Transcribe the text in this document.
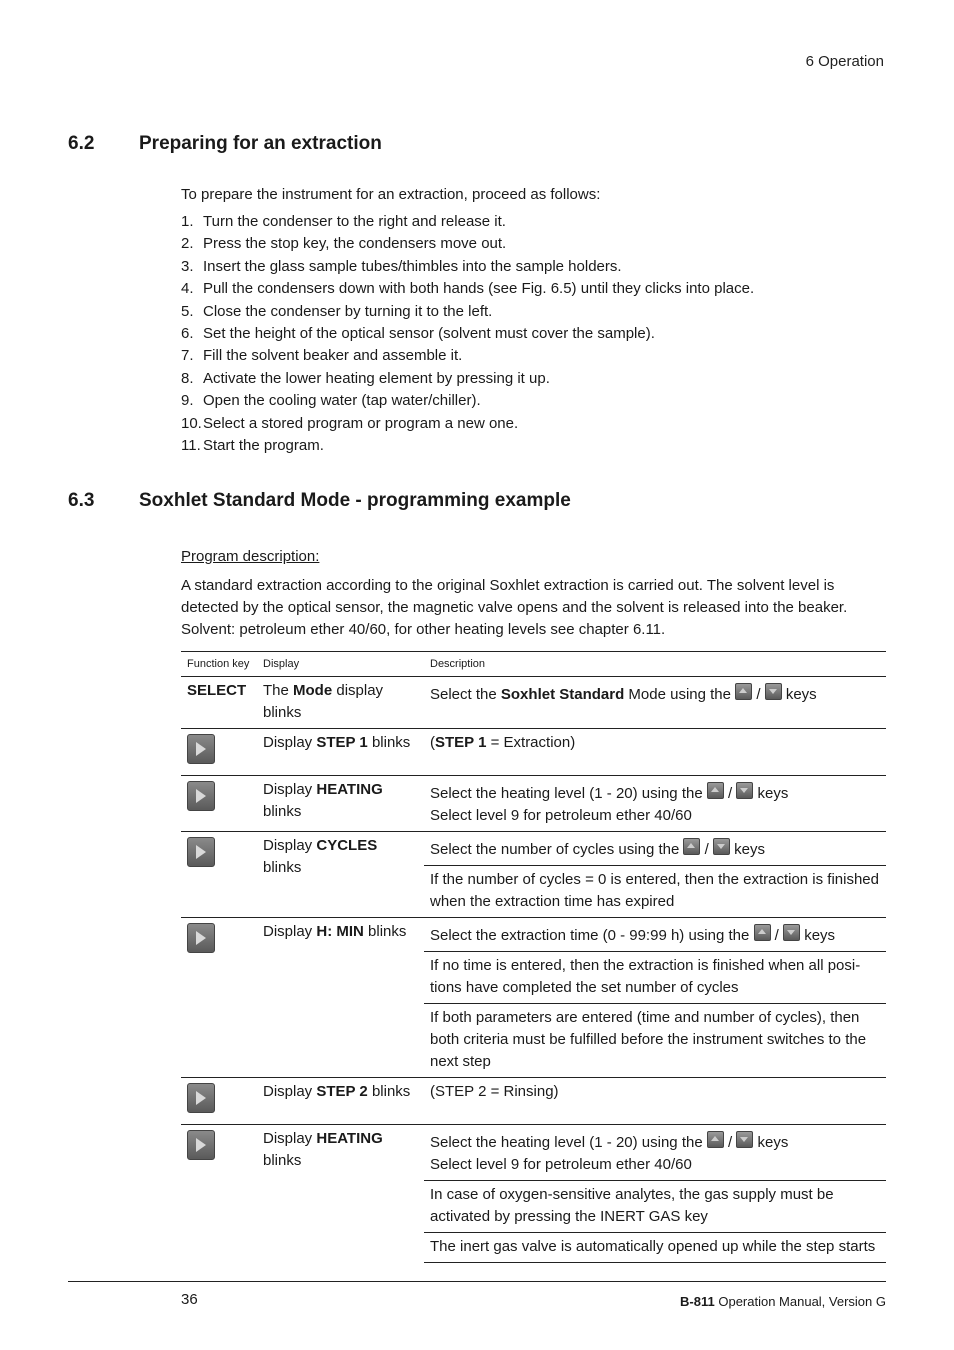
6 Operation
6.2 Preparing for an extraction
To prepare the instrument for an extraction, proceed as follows:
1. Turn the condenser to the right and release it.
2. Press the stop key, the condensers move out.
3. Insert the glass sample tubes/thimbles into the sample holders.
4. Pull the condensers down with both hands (see Fig. 6.5) until they clicks into place.
5. Close the condenser by turning it to the left.
6. Set the height of the optical sensor (solvent must cover the sample).
7. Fill the solvent beaker and assemble it.
8. Activate the lower heating element by pressing it up.
9. Open the cooling water (tap water/chiller).
10. Select a stored program or program a new one.
11. Start the program.
6.3 Soxhlet Standard Mode - programming example
Program description:
A standard extraction according to the original Soxhlet extraction is carried out. The solvent level is detected by the optical sensor, the magnetic valve opens and the solvent is released into the beaker. Solvent: petroleum ether 40/60, for other heating levels see chapter 6.11.
Function key	Display	Description
SELECT	The Mode display blinks	Select the Soxhlet Standard Mode using the  /  keys
	Display STEP 1 blinks	(STEP 1 = Extraction)
	Display HEATING blinks	Select the heating level (1 - 20) using the  /  keys
Select level 9 for petroleum ether 40/60
	Display CYCLES blinks	Select the number of cycles using the  /  keys
		If the number of cycles = 0 is entered, then the extraction is finished when the extraction time has expired
	Display H: MIN blinks	Select the extraction time (0 - 99:99 h) using the  /  keys
		If no time is entered, then the extraction is finished when all posi-tions have completed the set number of cycles
		If both parameters are entered (time and number of cycles), then both criteria must be fulfilled before the instrument switches to the next step
	Display STEP 2 blinks	(STEP 2 = Rinsing)
	Display HEATING blinks	Select the heating level (1 - 20) using the  /  keys
Select level 9 for petroleum ether 40/60
		In case of oxygen-sensitive analytes, the gas supply must be activated by pressing the INERT GAS key
		The inert gas valve is automatically opened up while the step starts
36	B-811 Operation Manual, Version G
